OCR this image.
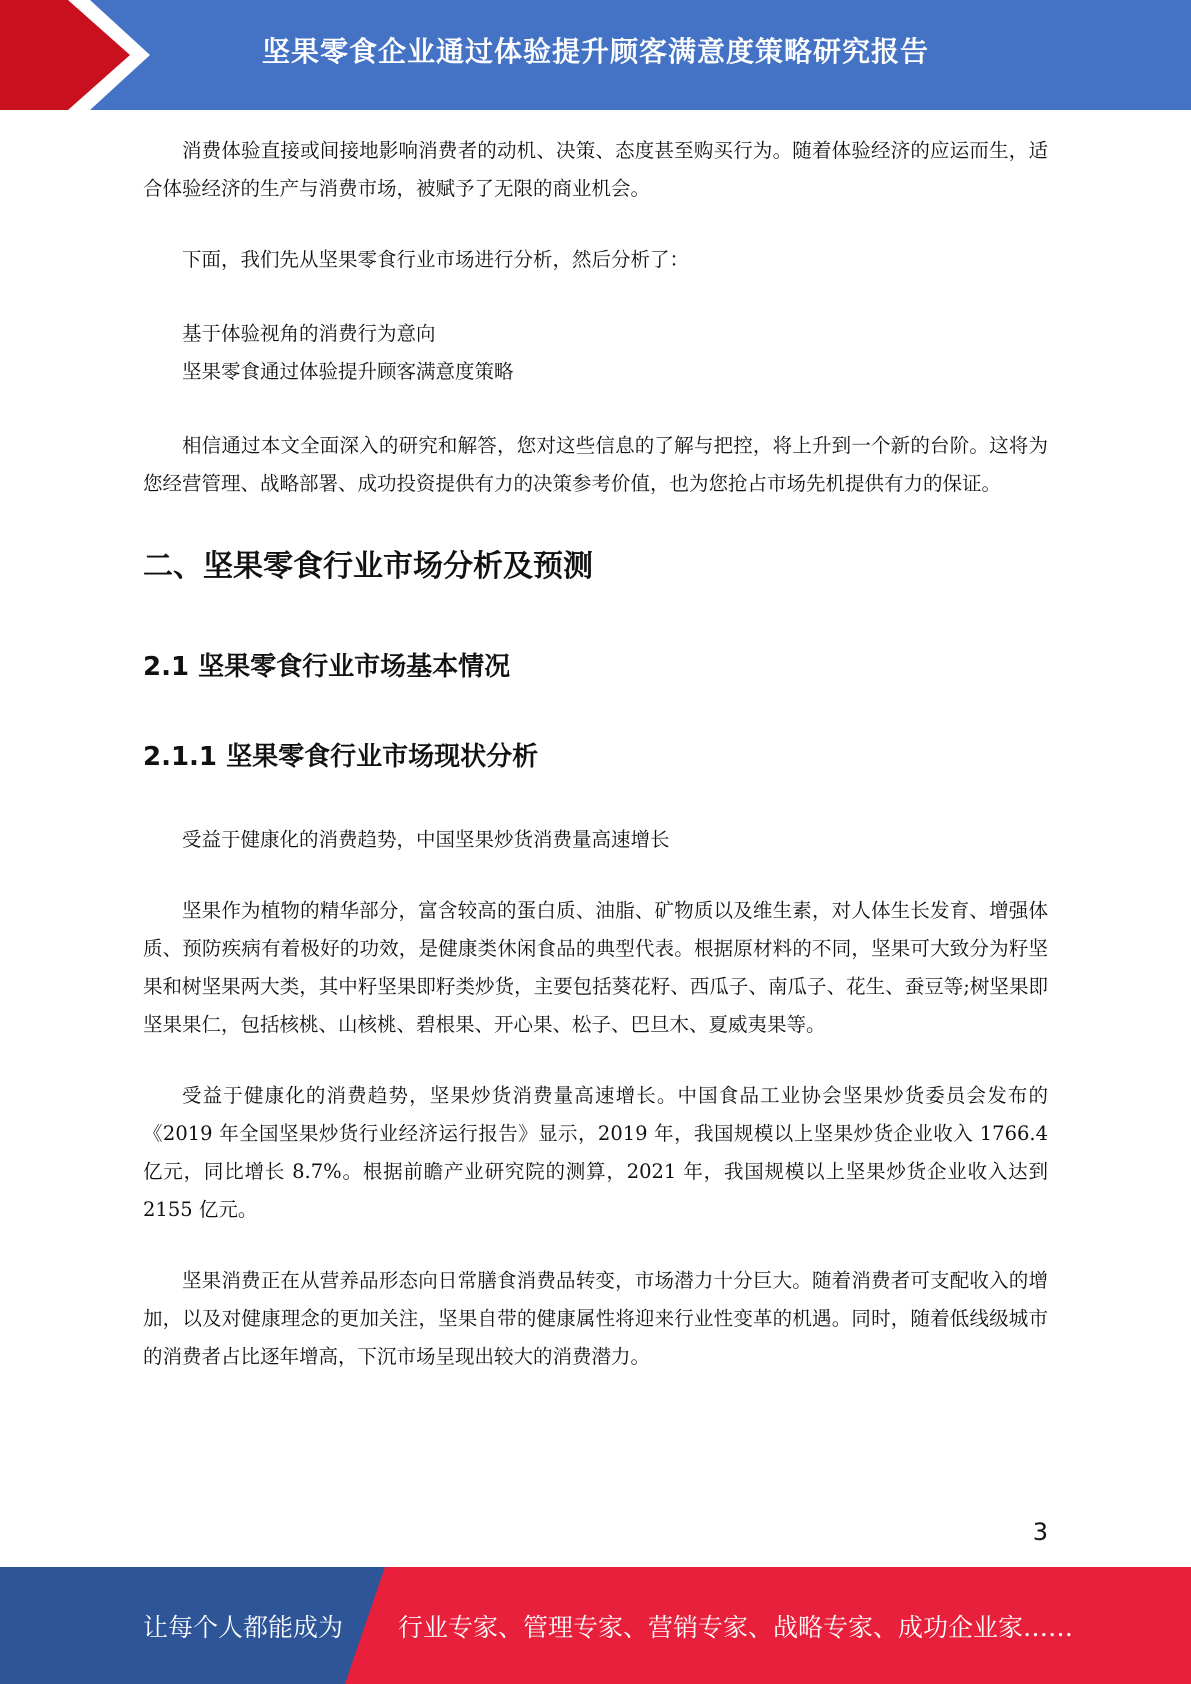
坚果零食企业通过体验提升顾客满意度策略研究报告

消费体验直接或间接地影响消费者的动机、决策、态度甚至购买行为。随着体验经济的应运而生，适合体验经济的生产与消费市场，被赋予了无限的商业机会。

下面，我们先从坚果零食行业市场进行分析，然后分析了：

基于体验视角的消费行为意向

坚果零食通过体验提升顾客满意度策略

相信通过本文全面深入的研究和解答，您对这些信息的了解与把控，将上升到一个新的台阶。这将为您经营管理、战略部署、成功投资提供有力的决策参考价值，也为您抢占市场先机提供有力的保证。

二、坚果零食行业市场分析及预测
2.1 坚果零食行业市场基本情况
2.1.1 坚果零食行业市场现状分析

受益于健康化的消费趋势，中国坚果炒货消费量高速增长

坚果作为植物的精华部分，富含较高的蛋白质、油脂、矿物质以及维生素，对人体生长发育、增强体质、预防疾病有着极好的功效，是健康类休闲食品的典型代表。根据原材料的不同，坚果可大致分为籽坚果和树坚果两大类，其中籽坚果即籽类炒货，主要包括葵花籽、西瓜子、南瓜子、花生、蚕豆等;树坚果即坚果果仁，包括核桃、山核桃、碧根果、开心果、松子、巴旦木、夏威夷果等。

受益于健康化的消费趋势，坚果炒货消费量高速增长。中国食品工业协会坚果炒货委员会发布的《2019 年全国坚果炒货行业经济运行报告》显示，2019 年，我国规模以上坚果炒货企业收入 1766.4 亿元，同比增长 8.7%。根据前瞻产业研究院的测算，2021 年，我国规模以上坚果炒货企业收入达到 2155 亿元。

坚果消费正在从营养品形态向日常膳食消费品转变，市场潜力十分巨大。随着消费者可支配收入的增加，以及对健康理念的更加关注，坚果自带的健康属性将迎来行业性变革的机遇。同时，随着低线级城市的消费者占比逐年增高，下沉市场呈现出较大的消费潜力。

3
让每个人都能成为 行业专家、管理专家、营销专家、战略专家、成功企业家……
